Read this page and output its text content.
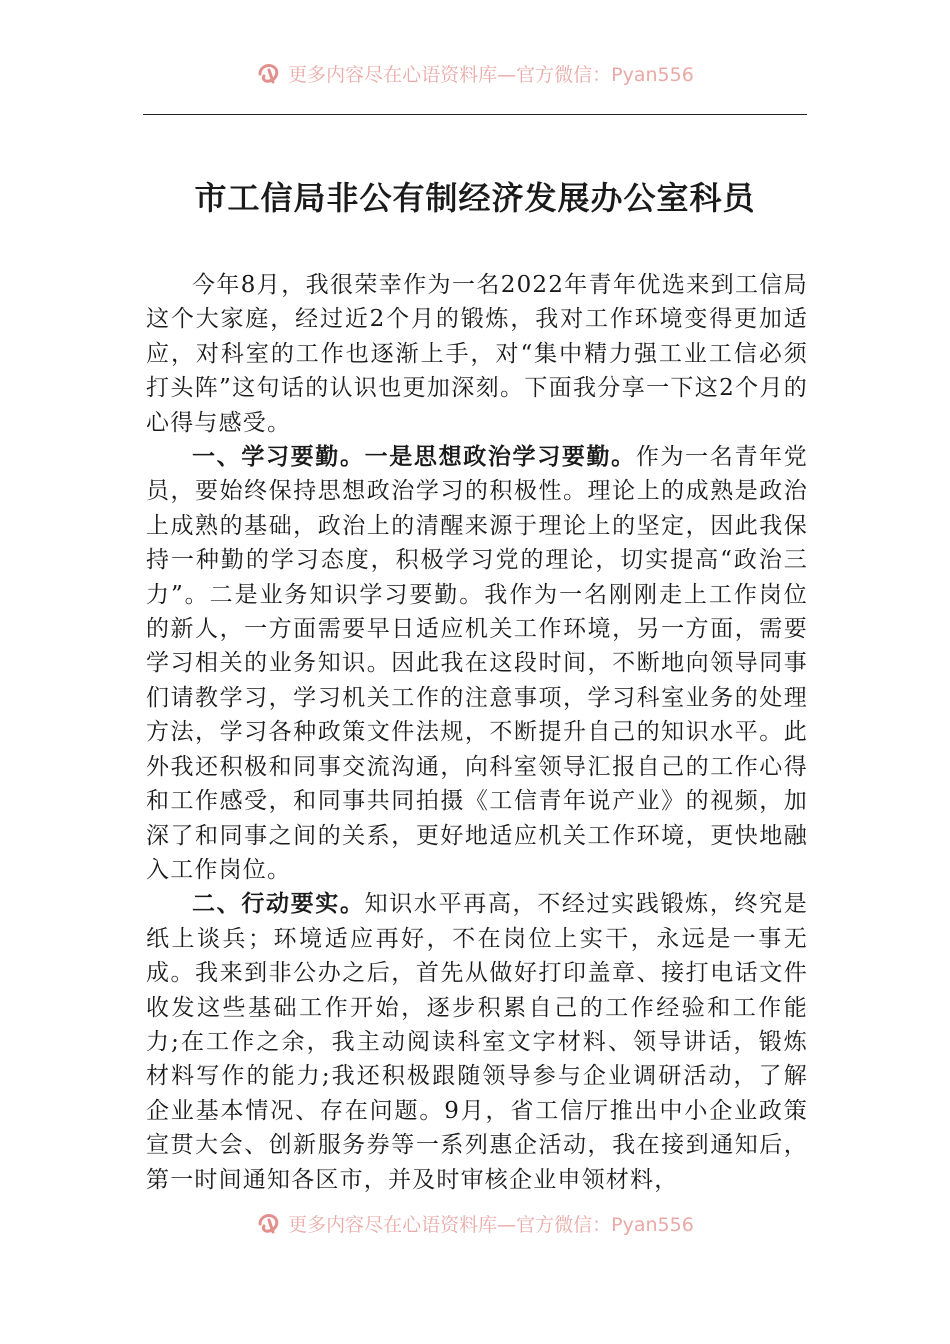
更多内容尽在心语资料库—官方微信：Pyan556
市工信局非公有制经济发展办公室科员

今年8月，我很荣幸作为一名2022年青年优选来到工信局这个大家庭，经过近2个月的锻炼，我对工作环境变得更加适应，对科室的工作也逐渐上手，对“集中精力强工业工信必须打头阵”这句话的认识也更加深刻。下面我分享一下这2个月的心得与感受。

一、学习要勤。一是思想政治学习要勤。作为一名青年党员，要始终保持思想政治学习的积极性。理论上的成熟是政治上成熟的基础，政治上的清醒来源于理论上的坚定，因此我保持一种勤的学习态度，积极学习党的理论，切实提高“政治三力”。二是业务知识学习要勤。我作为一名刚刚走上工作岗位的新人，一方面需要早日适应机关工作环境，另一方面，需要学习相关的业务知识。因此我在这段时间，不断地向领导同事们请教学习，学习机关工作的注意事项，学习科室业务的处理方法，学习各种政策文件法规，不断提升自己的知识水平。此外我还积极和同事交流沟通，向科室领导汇报自己的工作心得和工作感受，和同事共同拍摄《工信青年说产业》的视频，加深了和同事之间的关系，更好地适应机关工作环境，更快地融入工作岗位。

二、行动要实。知识水平再高，不经过实践锻炼，终究是纸上谈兵；环境适应再好，不在岗位上实干，永远是一事无成。我来到非公办之后，首先从做好打印盖章、接打电话文件收发这些基础工作开始，逐步积累自己的工作经验和工作能力;在工作之余，我主动阅读科室文字材料、领导讲话，锻炼材料写作的能力;我还积极跟随领导参与企业调研活动，了解企业基本情况、存在问题。9月，省工信厅推出中小企业政策宣贯大会、创新服务券等一系列惠企活动，我在接到通知后，第一时间通知各区市，并及时审核企业申领材料，

更多内容尽在心语资料库—官方微信：Pyan556
